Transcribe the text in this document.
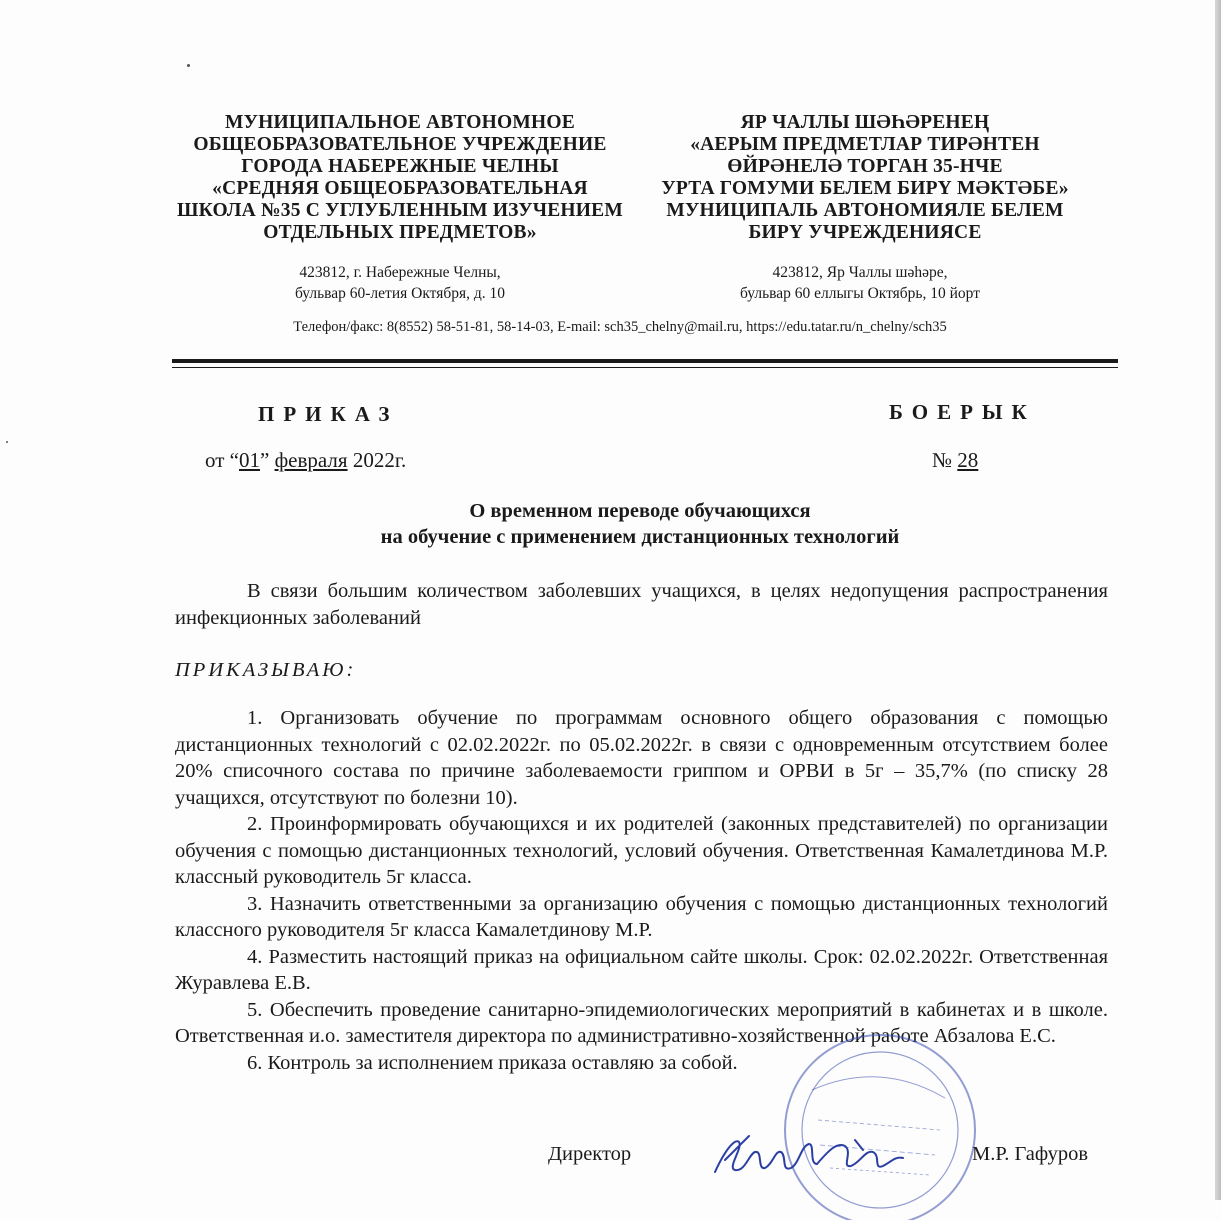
МУНИЦИПАЛЬНОЕ АВТОНОМНОЕ
ОБЩЕОБРАЗОВАТЕЛЬНОЕ УЧРЕЖДЕНИЕ
ГОРОДА НАБЕРЕЖНЫЕ ЧЕЛНЫ
«СРЕДНЯЯ ОБЩЕОБРАЗОВАТЕЛЬНАЯ
ШКОЛА №35 С УГЛУБЛЕННЫМ ИЗУЧЕНИЕМ
ОТДЕЛЬНЫХ ПРЕДМЕТОВ»
ЯР ЧАЛЛЫ ШӘҺӘРЕНЕҢ
«АЕРЫМ ПРЕДМЕТЛАР ТИРӘНТЕН
ӨЙРӘНЕЛӘ ТОРГАН 35-НЧЕ
УРТА ГОМУМИ БЕЛЕМ БИРҮ МӘКТӘБЕ»
МУНИЦИПАЛЬ АВТОНОМИЯЛЕ БЕЛЕМ
БИРҮ УЧРЕЖДЕНИЯСЕ
423812, г. Набережные Челны,
бульвар 60-летия Октября, д. 10
423812, Яр Чаллы шәһәре,
бульвар 60 еллыгы Октябрь, 10 йорт
Телефон/факс: 8(8552) 58-51-81, 58-14-03, E-mail: sch35_chelny@mail.ru, https://edu.tatar.ru/n_chelny/sch35
ПРИКАЗ	БОЕРЫК
от “01” февраля 2022г.	№ 28
О временном переводе обучающихся
на обучение с применением дистанционных технологий

В связи большим количеством заболевших учащихся, в целях недопущения распространения инфекционных заболеваний

ПРИКАЗЫВАЮ:

1. Организовать обучение по программам основного общего образования с помощью дистанционных технологий с 02.02.2022г. по 05.02.2022г. в связи с одновременным отсутствием более 20% списочного состава по причине заболеваемости гриппом и ОРВИ в 5г – 35,7% (по списку 28 учащихся, отсутствуют по болезни 10).

2. Проинформировать обучающихся и их родителей (законных представителей) по организации обучения с помощью дистанционных технологий, условий обучения. Ответственная Камалетдинова М.Р. классный руководитель 5г класса.

3. Назначить ответственными за организацию обучения с помощью дистанционных технологий классного руководителя 5г класса Камалетдинову М.Р.

4. Разместить настоящий приказ на официальном сайте школы. Срок: 02.02.2022г. Ответственная Журавлева Е.В.

5. Обеспечить проведение санитарно-эпидемиологических мероприятий в кабинетах и в школе. Ответственная и.о. заместителя директора по административно-хозяйственной работе Абзалова Е.С.

6. Контроль за исполнением приказа оставляю за собой.

Директор	М.Р. Гафуров
